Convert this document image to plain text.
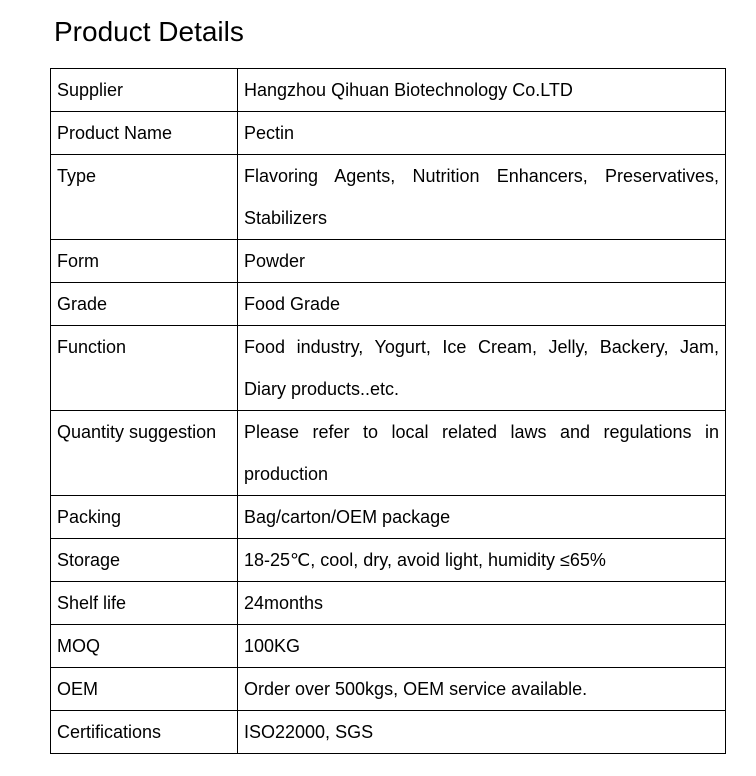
Product Details
Supplier	Hangzhou Qihuan Biotechnology Co.LTD
Product Name	Pectin
Type	Flavoring Agents, Nutrition Enhancers, Preservatives, Stabilizers
Form	Powder
Grade	Food Grade
Function	Food industry, Yogurt, Ice Cream, Jelly, Backery, Jam, Diary products..etc.
Quantity suggestion	Please refer to local related laws and regulations in production
Packing	Bag/carton/OEM package
Storage	18-25℃, cool, dry, avoid light, humidity ≤65%
Shelf life	24months
MOQ	100KG
OEM	Order over 500kgs, OEM service available.
Certifications	ISO22000, SGS
